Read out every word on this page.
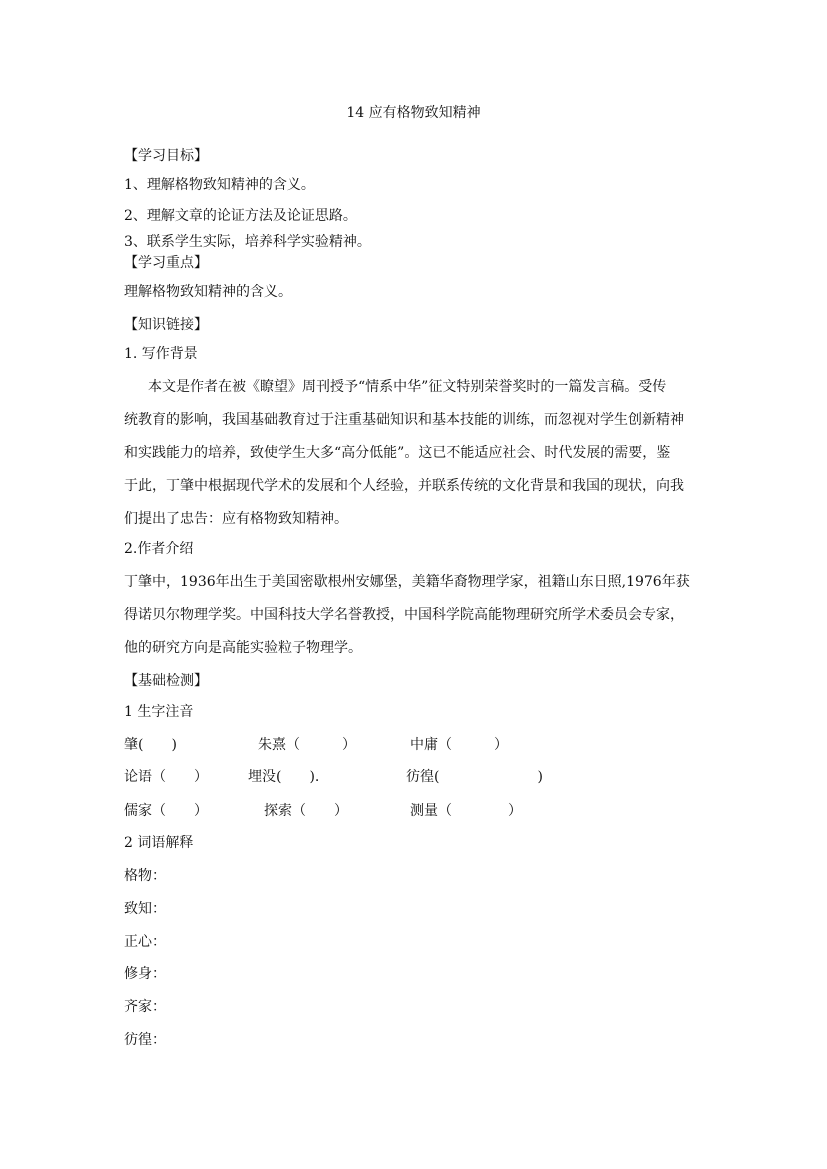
14 应有格物致知精神
【学习目标】
1、理解格物致知精神的含义。
2、理解文章的论证方法及论证思路。
3、联系学生实际，培养科学实验精神。
【学习重点】
理解格物致知精神的含义。
【知识链接】
1. 写作背景
本文是作者在被《瞭望》周刊授予“情系中华”征文特别荣誉奖时的一篇发言稿。受传
统教育的影响，我国基础教育过于注重基础知识和基本技能的训练，而忽视对学生创新精神
和实践能力的培养，致使学生大多“高分低能”。这已不能适应社会、时代发展的需要，鉴
于此，丁肇中根据现代学术的发展和个人经验，并联系传统的文化背景和我国的现状，向我
们提出了忠告：应有格物致知精神。
2.作者介绍
丁肇中，1936年出生于美国密歇根州安娜堡，美籍华裔物理学家，祖籍山东日照,1976年获
得诺贝尔物理学奖。中国科技大学名誉教授，中国科学院高能物理研究所学术委员会专家，
他的研究方向是高能实验粒子物理学。
【基础检测】
1 生字注音
肇(　　)	朱熹（　　　）	中庸（　　　）
论语（　　）	埋没(　　).	彷徨(　　　　　　　)
儒家（　　）	探索（　　）	测量（　　　　）
2 词语解释
格物：
致知：
正心：
修身：
齐家：
彷徨：
